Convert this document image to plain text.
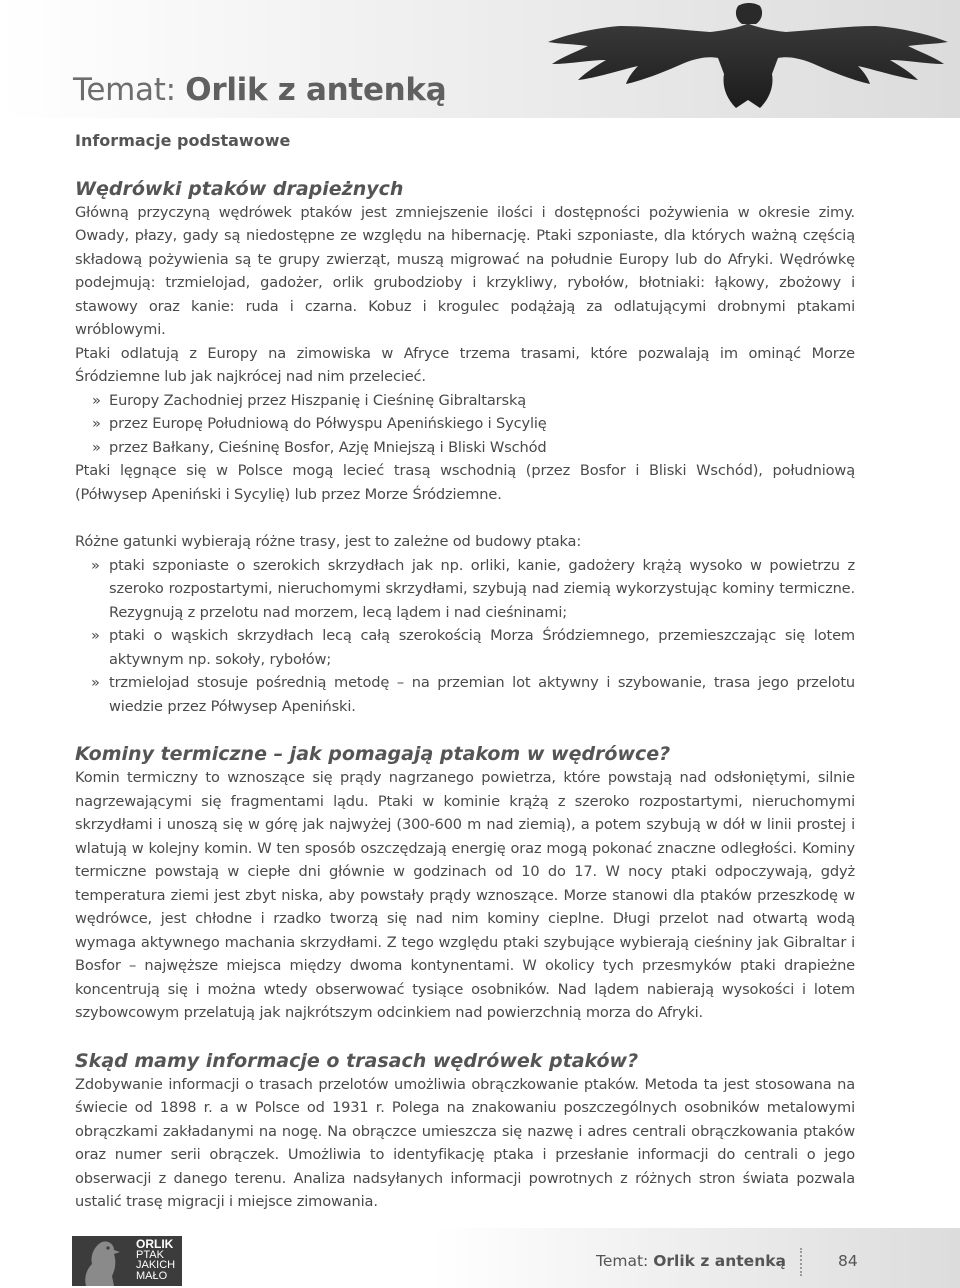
Temat: Orlik z antenką
Informacje podstawowe
Wędrówki ptaków drapieżnych

Główną przyczyną wędrówek ptaków jest zmniejszenie ilości i dostępności pożywienia w okresie zimy. Owady, płazy, gady są niedostępne ze względu na hibernację. Ptaki szponiaste, dla których ważną częścią składową pożywienia są te grupy zwierząt, muszą migrować na południe Europy lub do Afryki. Wędrówkę podejmują: trzmielojad, gadożer, orlik grubodzioby i krzykliwy, rybołów, błotniaki: łąkowy, zbożowy i stawowy oraz kanie: ruda i czarna. Kobuz i krogulec podążają za odlatującymi drobnymi ptakami wróblowymi.

Ptaki odlatują z Europy na zimowiska w Afryce trzema trasami, które pozwalają im ominąć Morze Śródziemne lub jak najkrócej nad nim przelecieć.

» Europy Zachodniej przez Hiszpanię i Cieśninę Gibraltarską
» przez Europę Południową do Półwyspu Apenińskiego i Sycylię
» przez Bałkany, Cieśninę Bosfor, Azję Mniejszą i Bliski Wschód

Ptaki lęgnące się w Polsce mogą lecieć trasą wschodnią (przez Bosfor i Bliski Wschód), południową (Półwysep Apeniński i Sycylię) lub przez Morze Śródziemne.

Różne gatunki wybierają różne trasy, jest to zależne od budowy ptaka:

» ptaki szponiaste o szerokich skrzydłach jak np. orliki, kanie, gadożery krążą wysoko w powietrzu z szeroko rozpostartymi, nieruchomymi skrzydłami, szybują nad ziemią wykorzystując kominy termiczne. Rezygnują z przelotu nad morzem, lecą lądem i nad cieśninami;
» ptaki o wąskich skrzydłach lecą całą szerokością Morza Śródziemnego, przemieszczając się lotem aktywnym np. sokoły, rybołów;
» trzmielojad stosuje pośrednią metodę – na przemian lot aktywny i szybowanie, trasa jego przelotu wiedzie przez Półwysep Apeniński.
Kominy termiczne – jak pomagają ptakom w wędrówce?

Komin termiczny to wznoszące się prądy nagrzanego powietrza, które powstają nad odsłoniętymi, silnie nagrzewającymi się fragmentami lądu. Ptaki w kominie krążą z szeroko rozpostartymi, nieruchomymi skrzydłami i unoszą się w górę jak najwyżej (300-600 m nad ziemią), a potem szybują w dół w linii prostej i wlatują w kolejny komin. W ten sposób oszczędzają energię oraz mogą pokonać znaczne odległości. Kominy termiczne powstają w ciepłe dni głównie w godzinach od 10 do 17. W nocy ptaki odpoczywają, gdyż temperatura ziemi jest zbyt niska, aby powstały prądy wznoszące. Morze stanowi dla ptaków przeszkodę w wędrówce, jest chłodne i rzadko tworzą się nad nim kominy cieplne. Długi przelot nad otwartą wodą wymaga aktywnego machania skrzydłami. Z tego względu ptaki szybujące wybierają cieśniny jak Gibraltar i Bosfor – najwęższe miejsca między dwoma kontynentami. W okolicy tych przesmyków ptaki drapieżne koncentrują się i można wtedy obserwować tysiące osobników. Nad lądem nabierają wysokości i lotem szybowcowym przelatują jak najkrótszym odcinkiem nad powierzchnią morza do Afryki.

Skąd mamy informacje o trasach wędrówek ptaków?

Zdobywanie informacji o trasach przelotów umożliwia obrączkowanie ptaków. Metoda ta jest stosowana na świecie od 1898 r. a w Polsce od 1931 r. Polega na znakowaniu poszczególnych osobników metalowymi obrączkami zakładanymi na nogę. Na obrączce umieszcza się nazwę i adres centrali obrączkowania ptaków oraz numer serii obrączek. Umożliwia to identyfikację ptaka i przesłanie informacji do centrali o jego obserwacji z danego terenu. Analiza nadsyłanych informacji powrotnych z różnych stron świata pozwala ustalić trasę migracji i miejsce zimowania.

ORLIK
PTAK
JAKICH
MAŁO
Temat: Orlik z antenką	84
